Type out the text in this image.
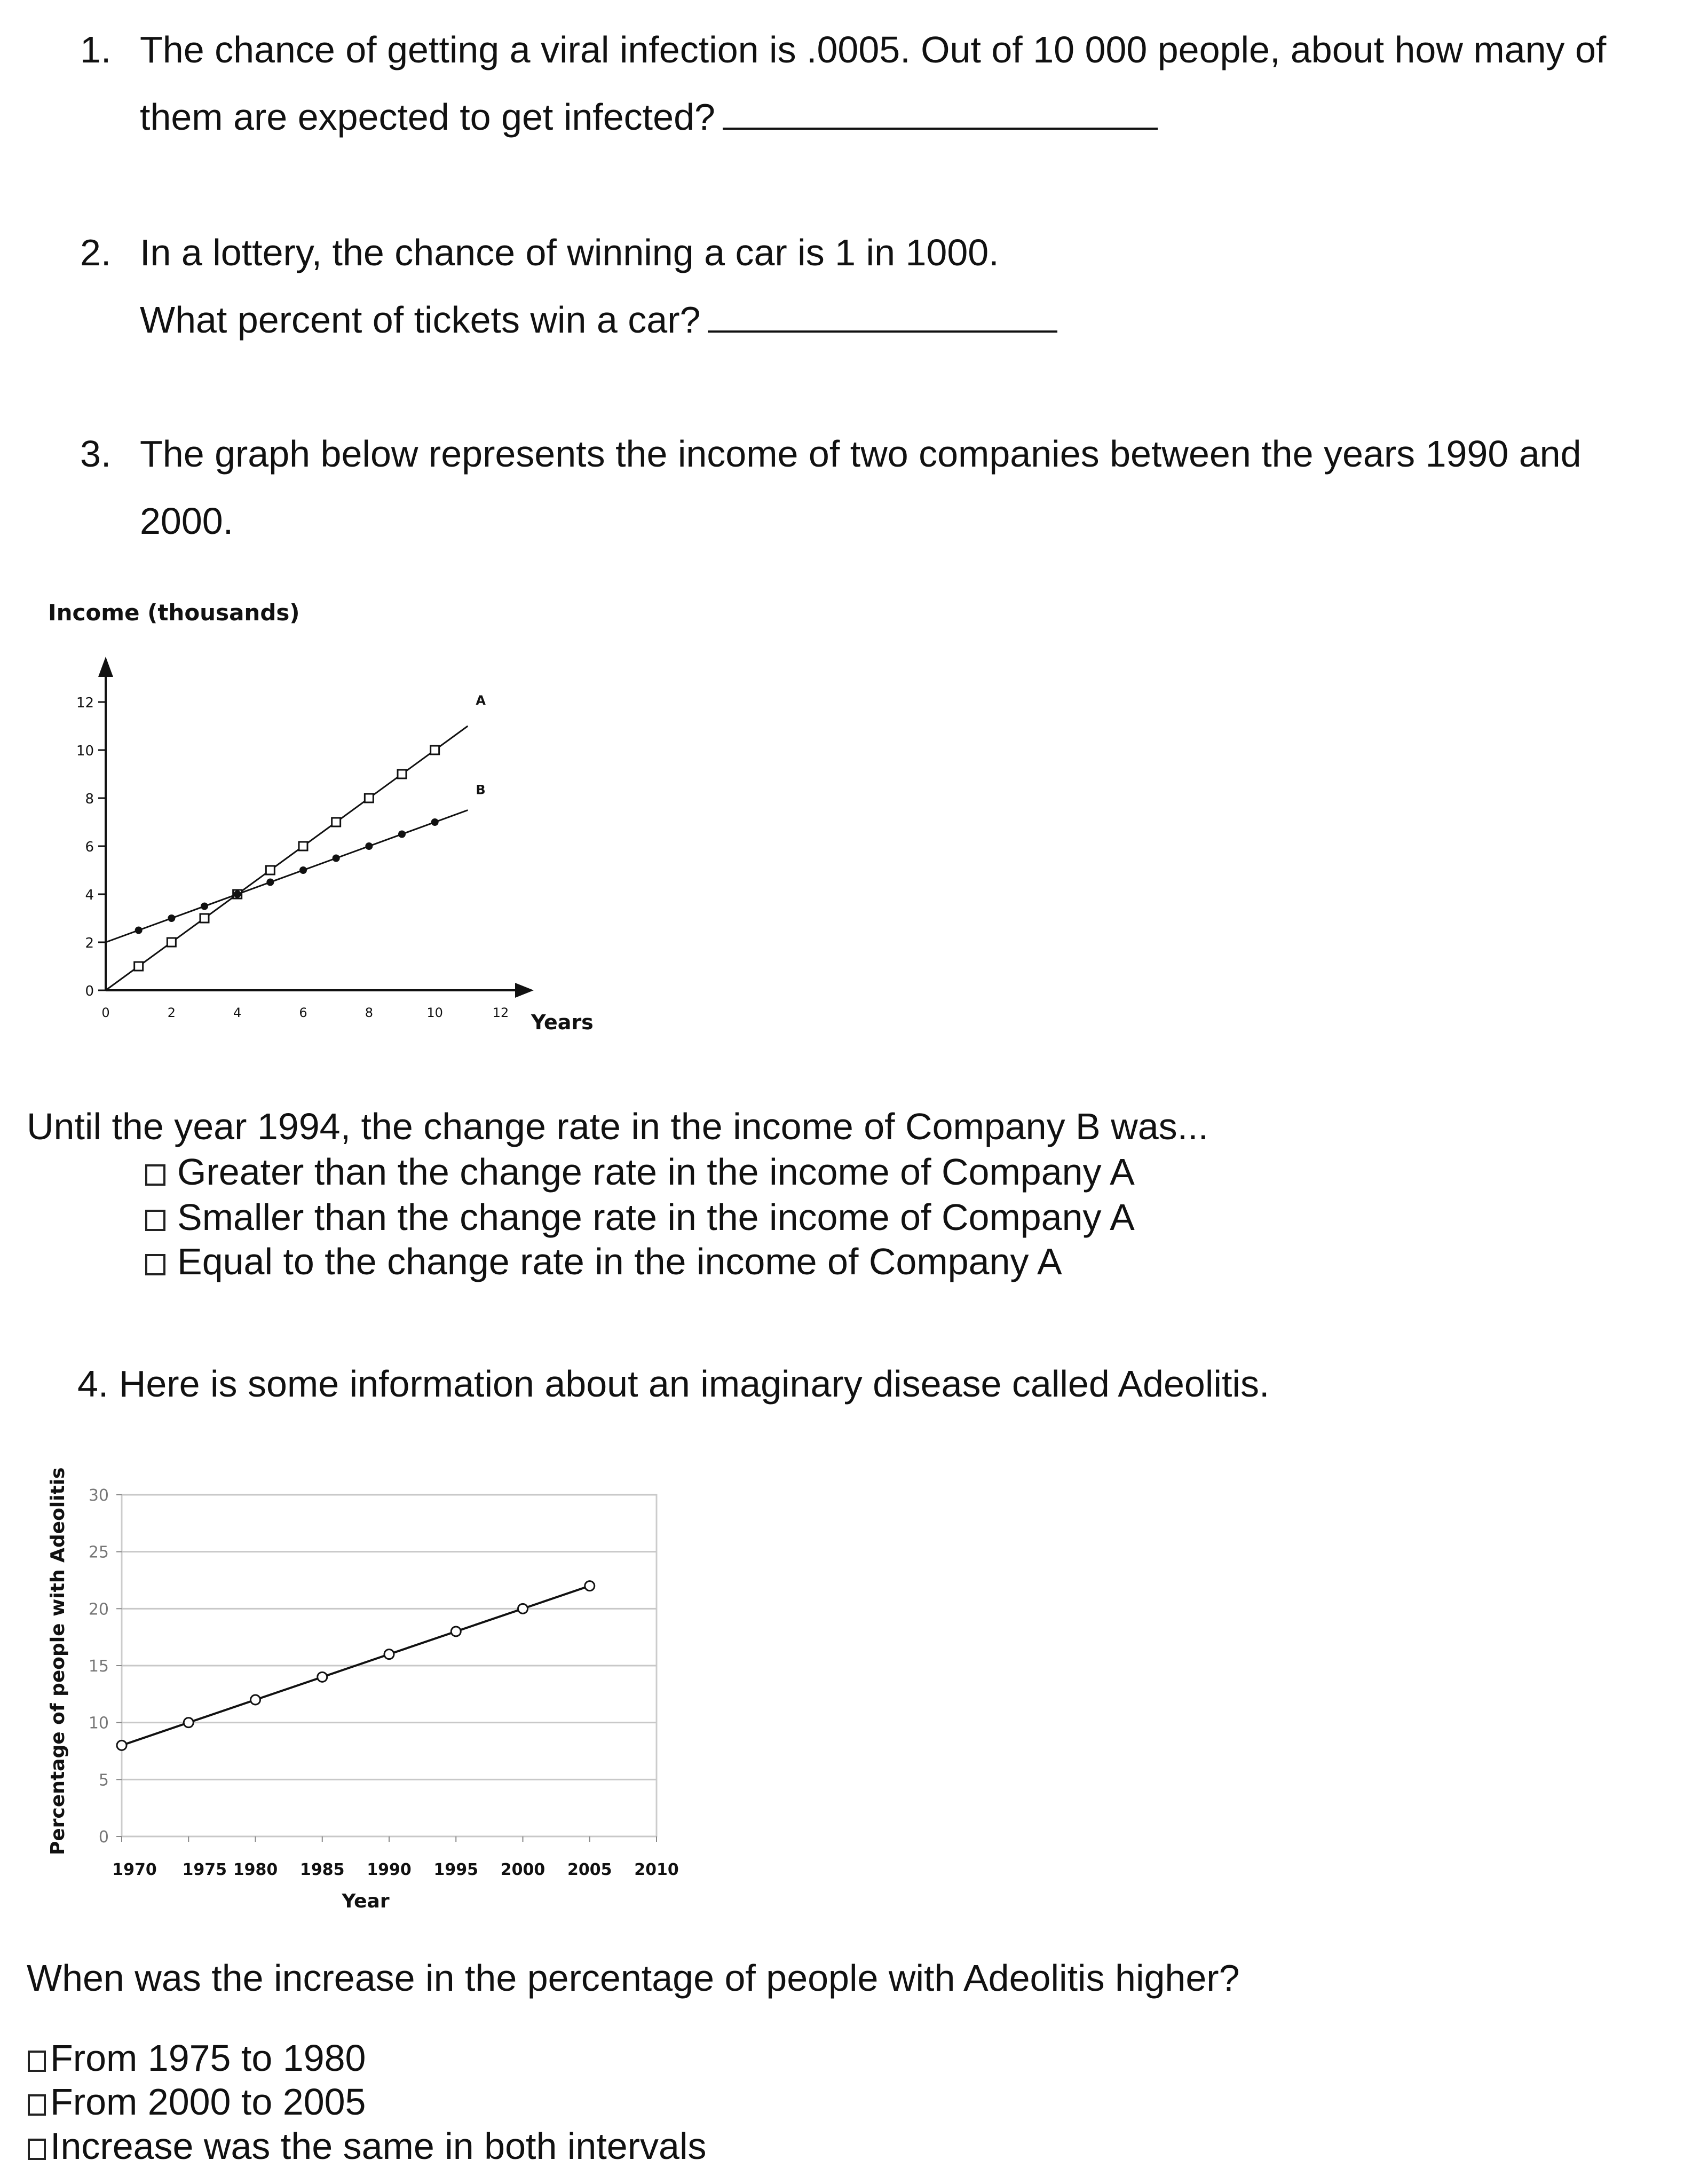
1. The chance of getting a viral infection is .0005. Out of 10 000 people, about how many of
them are expected to get infected?
2. In a lottery, the chance of winning a car is 1 in 1000.
What percent of tickets win a car?
3. The graph below represents the income of two companies between the years 1990 and
2000.
Income (thousands)
Years
0
2
4
6
8
10
12
0	2	4	6	8	10	12
A
B
Until the year 1994, the change rate in the income of Company B was...
Greater than the change rate in the income of Company A
Smaller than the change rate in the income of Company A
Equal to the change rate in the income of Company A
4. Here is some information about an imaginary disease called Adeolitis.
Percentage of people with Adeolitis 0
5
10
15
20
25
30
1970 1975 1980 1985 1990 1995 2000 2005 2010
Year
When was the increase in the percentage of people with Adeolitis higher?
From 1975 to 1980
From 2000 to 2005
Increase was the same in both intervals
